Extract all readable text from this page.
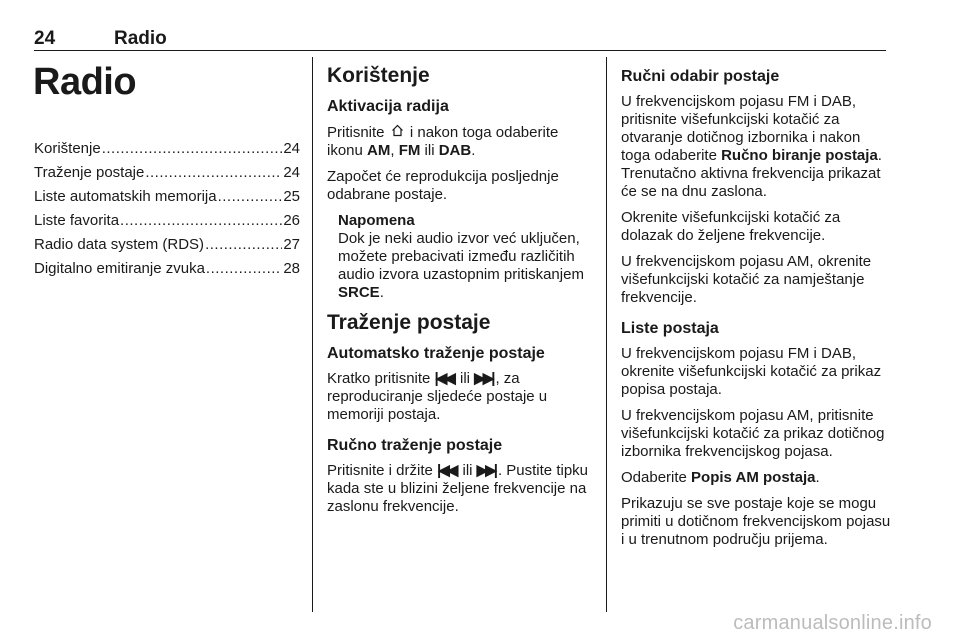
24	Radio
Radio
Korištenje .....	24
Traženje postaje .....	24
Liste automatskih memorija .....	25
Liste favorita .....	26
Radio data system (RDS) .....	27
Digitalno emitiranje zvuka .....	28
Korištenje
Aktivacija radija

Pritisnite i nakon toga odaberite ikonu AM, FM ili DAB.

Započet će reprodukcija posljednje odabrane postaje.

Napomena
Dok je neki audio izvor već uključen, možete prebacivati između različitih audio izvora uzastopnim pritiskanjem SRCE.
Traženje postaje
Automatsko traženje postaje

Kratko pritisnite |◀◀ ili ▶▶| , za reproduciranje sljedeće postaje u memoriji postaja.

Ručno traženje postaje

Pritisnite i držite |◀◀ ili ▶▶| . Pustite tipku kada ste u blizini željene frekvencije na zaslonu frekvencije.

Ručni odabir postaje

U frekvencijskom pojasu FM i DAB, pritisnite višefunkcijski kotačić za otvaranje dotičnog izbornika i nakon toga odaberite Ručno biranje postaja. Trenutačno aktivna frekvencija prikazat će se na dnu zaslona.

Okrenite višefunkcijski kotačić za dolazak do željene frekvencije.

U frekvencijskom pojasu AM, okrenite višefunkcijski kotačić za namještanje frekvencije.

Liste postaja

U frekvencijskom pojasu FM i DAB, okrenite višefunkcijski kotačić za prikaz popisa postaja.

U frekvencijskom pojasu AM, pritisnite višefunkcijski kotačić za prikaz dotičnog izbornika frekvencijskog pojasa.

Odaberite Popis AM postaja.

Prikazuju se sve postaje koje se mogu primiti u dotičnom frekvencijskom pojasu i u trenutnom području prijema.

carmanualsonline.info
